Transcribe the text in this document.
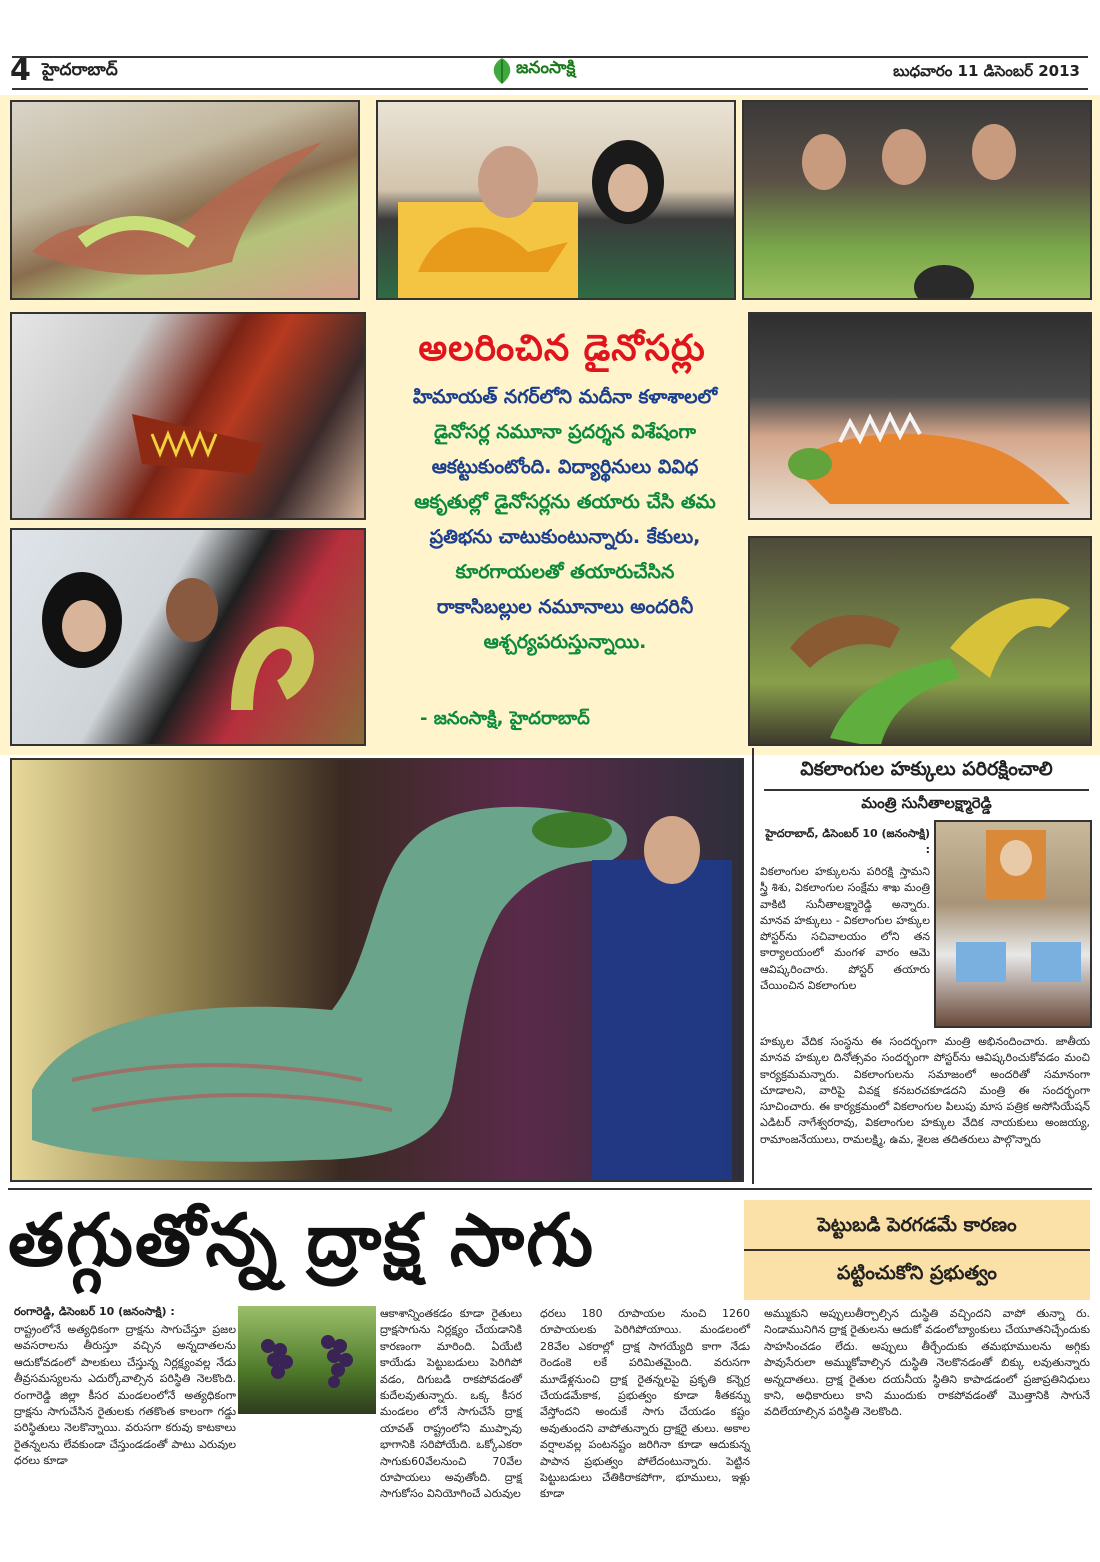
4 హైదరాబాద్	జనంసాక్షి	బుధవారం 11 డిసెంబర్ 2013
అలరించిన డైనోసర్లు

హిమాయత్ నగర్‌లోని మదీనా కళాశాలలో

డైనోసర్ల నమూనా ప్రదర్శన విశేషంగా

ఆకట్టుకుంటోంది. విద్యార్థినులు వివిధ

ఆకృతుల్లో డైనోసర్లను తయారు చేసి తమ

ప్రతిభను చాటుకుంటున్నారు. కేకులు,

కూరగాయలతో తయారుచేసిన

రాకాసిబల్లుల నమూనాలు అందరినీ

ఆశ్చర్యపరుస్తున్నాయి.

- జనంసాక్షి, హైదరాబాద్
వికలాంగుల హక్కులు పరిరక్షించాలి
మంత్రి సునీతాలక్ష్మారెడ్డి
హైదరాబాద్, డిసెంబర్ 10 (జనంసాక్షి) :
వికలాంగుల హక్కులను పరిరక్షి స్తామని స్త్రీ శిశు, వికలాంగుల సంక్షేమ శాఖ మంత్రి వాకిటి సునీతాలక్ష్మారెడ్డి అన్నారు. మానవ హక్కులు - వికలాంగుల హక్కుల పోస్టర్‌ను సచివాలయం లోని తన కార్యాలయంలో మంగళ వారం ఆమె ఆవిష్కరించారు. పోస్టర్ తయారు చేయించిన వికలాంగుల
హక్కుల వేదిక సంస్థను ఈ సందర్భంగా మంత్రి అభినందించారు. జాతీయ మానవ హక్కుల దినోత్సవం సందర్భంగా పోస్టర్‌ను ఆవిష్కరించుకోవడం మంచి కార్యక్రమమన్నారు. వికలాంగులను సమాజంలో అందరితో సమానంగా చూడాలని, వారిపై వివక్ష కనబరచకూడదని మంత్రి ఈ సందర్భంగా సూచించారు. ఈ కార్యక్రమంలో వికలాంగుల పిలుపు మాస పత్రిక అసోసియేషన్ ఎడిటర్ నాగేశ్వరరావు, వికలాంగుల హక్కుల వేదిక నాయకులు అంజయ్య, రామాంజనేయులు, రామలక్ష్మి, ఉమ, శైలజ తదితరులు పాల్గొన్నారు
తగ్గుతోన్న ద్రాక్ష సాగు	పెట్టుబడి పెరగడమే కారణం
పట్టించుకోని ప్రభుత్వం
రంగారెడ్డి, డిసెంబర్ 10 (జనంసాక్షి) :
రాష్ట్రంలోనే అత్యధికంగా ద్రాక్షను సాగుచేస్తూ ప్రజల అవసరాలను తీరుస్తూ వచ్చిన అన్నదాతలను ఆదుకోవడంలో పాలకులు చేస్తున్న నిర్లక్ష్యంవల్ల నేడు తీవ్రసమస్యలను ఎదుర్కోవాల్సిన పరిస్థితి నెలకొంది. రంగారెడ్డి జిల్లా కీసర మండలంలోనే అత్యధికంగా ద్రాక్షను సాగుచేసిన రైతులకు గతకొంత కాలంగా గడ్డు పరిస్థితులు నెలకొన్నాయి. వరుసగా కరువు కాటకాలు రైతన్నలను లేవకుండా చేస్తుండడంతో పాటు ఎరువుల ధరలు కూడా
ఆకాశాన్నింతకడం కూడా రైతులు ద్రాక్షసాగును నిర్లక్ష్యం చేయడానికి కారణంగా మారింది. ఏయేటి కాయేడు పెట్టుబడులు పెరిగిపో వడం, దిగుబడి రాకపోవడంతో కుదేలవుతున్నారు. ఒక్క కీసర మండలం లోనే సాగుచేసే ద్రాక్ష యావత్ రాష్ట్రంలోని ముప్పావు భాగానికి సరిపోయేది. ఒక్కోఎకరా సాగుకు60వేలనుంచి 70వేల రూపాయలు అవుతోంది. ద్రాక్ష సాగుకోసం వినియోగించే ఎరువుల
ధరలు 180 రూపాయల నుంచి 1260 రూపాయలకు పెరిగిపోయాయి. మండలంలో 28వేల ఎకరాల్లో ద్రాక్ష సాగయ్యేది కాగా నేడు రెండంకె లకే పరిమితమైంది. వరుసగా మూడేళ్లనుంచి ద్రాక్ష రైతన్నలపై ప్రకృతి కన్నెర్ర చేయడమేకాక, ప్రభుత్వం కూడా శీతకన్ను వేస్తోందని అందుకే సాగు చేయడం కష్టం అవుతుందని వాపోతున్నారు ద్రాక్షరై తులు. అకాల వర్షాలవల్ల పంటనష్టం జరిగినా కూడా ఆదుకున్న పాపాన ప్రభుత్వం పోలేదంటున్నారు. పెట్టిన పెట్టుబడులు చేతికిరాకపోగా, భూములు, ఇళ్లు కూడా
అమ్ముకుని అప్పులుతీర్చాల్సిన దుస్థితి వచ్చిందని వాపో తున్నా రు. నిండామునిగిన ద్రాక్ష రైతులను ఆదుకో వడంలోబ్యాంకులు చేయూతనిచ్చేందుకు సాహసించడం లేదు. అప్పులు తీర్చేందుకు తమభూములను అగ్గికు పావుసేరులా అమ్ముకోవాల్సిన దుస్థితి నెలకొనడంతో బిక్కు లవుతున్నారు అన్నదాతలు. ద్రాక్ష రైతుల దయనీయ స్థితిని కాపాడడంలో ప్రజాప్రతినిధులు కాని, అధికారులు కాని ముందుకు రాకపోవడంతో మొత్తానికి సాగునే వదిలేయాల్సిన పరిస్థితి నెలకొంది.
